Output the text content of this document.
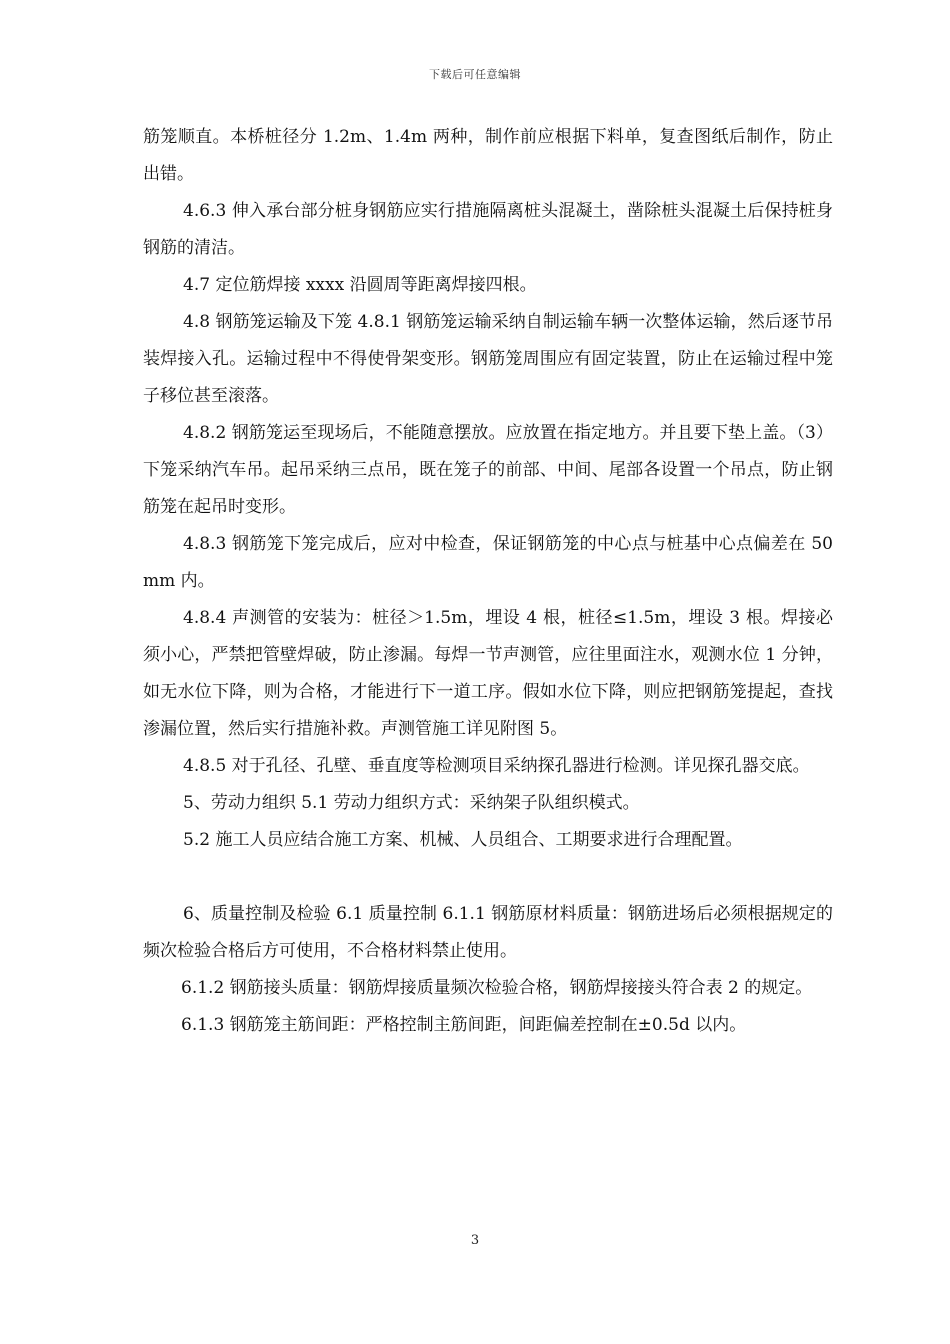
下载后可任意编辑

筋笼顺直。本桥桩径分 1.2m、1.4m 两种，制作前应根据下料单，复查图纸后制作，防止出错。

4.6.3 伸入承台部分桩身钢筋应实行措施隔离桩头混凝土，凿除桩头混凝土后保持桩身钢筋的清洁。

4.7 定位筋焊接 xxxx 沿圆周等距离焊接四根。

4.8 钢筋笼运输及下笼 4.8.1 钢筋笼运输采纳自制运输车辆一次整体运输，然后逐节吊装焊接入孔。运输过程中不得使骨架变形。钢筋笼周围应有固定装置，防止在运输过程中笼子移位甚至滚落。

4.8.2 钢筋笼运至现场后，不能随意摆放。应放置在指定地方。并且要下垫上盖。（3）下笼采纳汽车吊。起吊采纳三点吊，既在笼子的前部、中间、尾部各设置一个吊点，防止钢筋笼在起吊时变形。

4.8.3 钢筋笼下笼完成后，应对中检查，保证钢筋笼的中心点与桩基中心点偏差在 50mm 内。

4.8.4 声测管的安装为：桩径＞1.5m，埋设 4 根，桩径≤1.5m，埋设 3 根。焊接必须小心，严禁把管壁焊破，防止渗漏。每焊一节声测管，应往里面注水，观测水位 1 分钟，如无水位下降，则为合格，才能进行下一道工序。假如水位下降，则应把钢筋笼提起，查找渗漏位置，然后实行措施补救。声测管施工详见附图 5。

4.8.5 对于孔径、孔壁、垂直度等检测项目采纳探孔器进行检测。详见探孔器交底。

5、劳动力组织 5.1 劳动力组织方式：采纳架子队组织模式。

5.2 施工人员应结合施工方案、机械、人员组合、工期要求进行合理配置。

6、质量控制及检验 6.1 质量控制 6.1.1 钢筋原材料质量：钢筋进场后必须根据规定的频次检验合格后方可使用，不合格材料禁止使用。

6.1.2 钢筋接头质量：钢筋焊接质量频次检验合格，钢筋焊接接头符合表 2 的规定。

6.1.3 钢筋笼主筋间距：严格控制主筋间距，间距偏差控制在±0.5d 以内。

3
